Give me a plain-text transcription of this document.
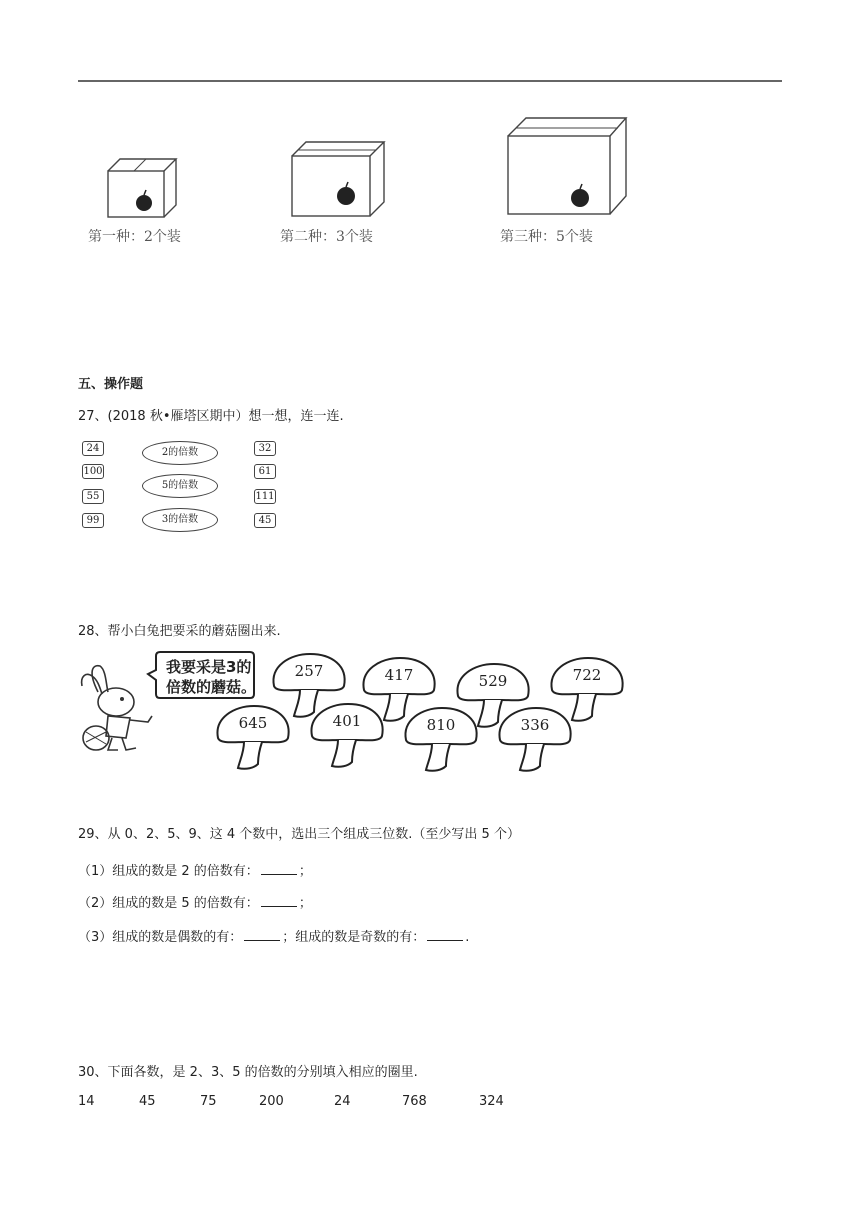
第一种：2个装	第二种：3个装	第三种：5个装
五、操作题
27、(2018 秋•雁塔区期中）想一想，连一连.
24
100
55
99
2的倍数
5的倍数
3的倍数
32
61
111
45
28、帮小白兔把要采的蘑菇圈出来.
我要采是3的
倍数的蘑菇。
257	417	529	722
645	401	810	336
29、从 0、2、5、9、这 4 个数中，选出三个组成三位数.（至少写出 5 个）
（1）组成的数是 2 的倍数有：	；
（2）组成的数是 5 的倍数有：	；
（3）组成的数是偶数的有：	；组成的数是奇数的有：	.
30、下面各数，是 2、3、5 的倍数的分别填入相应的圈里.
14	45	75	200	24	768	324
